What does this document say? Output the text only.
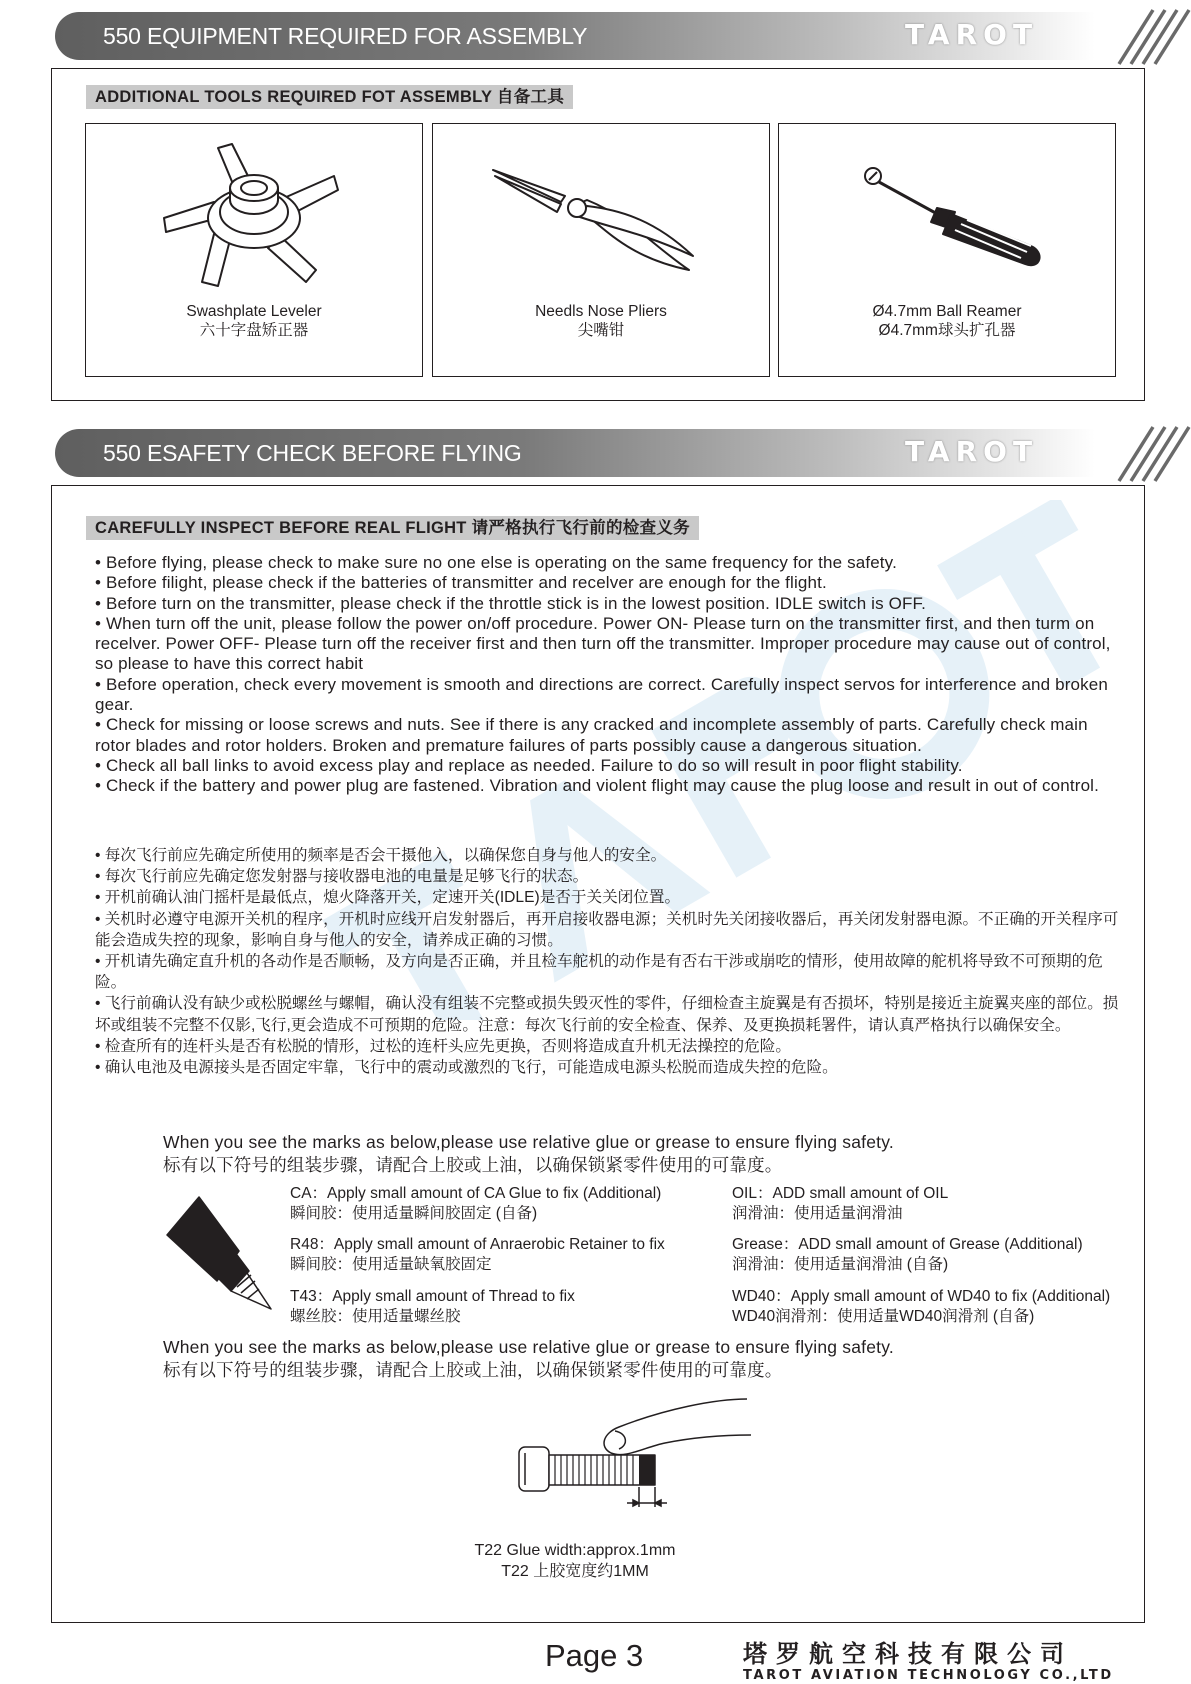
550 EQUIPMENT REQUIRED FOR ASSEMBLY	TAROT
ADDITIONAL TOOLS REQUIRED FOT ASSEMBLY 自备工具
Swashplate Leveler
六十字盘矫正器
Needls Nose Pliers
尖嘴钳
Ø4.7mm Ball Reamer
Ø4.7mm球头扩孔器
550 ESAFETY CHECK BEFORE FLYING	TAROT
CAREFULLY INSPECT BEFORE REAL FLIGHT 请严格执行飞行前的检查义务

• Before flying, please check to make sure no one else is operating on the same frequency for the safety.

• Before filight, please check if the batteries of transmitter and recelver are enough for the flight.

• Before turn on the transmitter, please check if the throttle stick is in the lowest position. IDLE switch is OFF.

• When turn off the unit, please follow the power on/off procedure. Power ON- Please turn on the transmitter first, and then turm on recelver. Power OFF- Please turn off the receiver first and then turn off the transmitter. Improper procedure may cause out of control, so please to have this correct habit

• Before operation, check every movement is smooth and directions are correct. Carefully inspect servos for interference and broken gear.

• Check for missing or loose screws and nuts. See if there is any cracked and incomplete assembly of parts. Carefully check main rotor blades and rotor holders. Broken and premature failures of parts possibly cause a dangerous situation.

• Check all ball links to avoid excess play and replace as needed. Failure to do so will result in poor flight stability.

• Check if the battery and power plug are fastened. Vibration and violent flight may cause the plug loose and result in out of control.

• 每次飞行前应先确定所使用的频率是否会干摄他入，以确保您自身与他人的安全。

• 每次飞行前应先确定您发射器与接收器电池的电量是足够飞行的状态。

• 开机前确认油门摇杆是最低点，熄火降落开关，定速开关(IDLE)是否于关关闭位置。

• 关机时必遵守电源开关机的程序，开机时应线开启发射器后，再开启接收器电源；关机时先关闭接收器后，再关闭发射器电源。不正确的开关程序可能会造成失控的现象，影响自身与他人的安全，请养成正确的习惯。

• 开机请先确定直升机的各动作是否顺畅，及方向是否正确，并且检车舵机的动作是有否右干涉或崩吃的情形，使用故障的舵机将导致不可预期的危险。

• 飞行前确认没有缺少或松脱螺丝与螺帽，确认没有组装不完整或损失毁灭性的零件，仔细检查主旋翼是有否损坏，特别是接近主旋翼夹座的部位。损坏或组装不完整不仅影,飞行,更会造成不可预期的危险。注意：每次飞行前的安全检查、保养、及更换损耗署件，请认真严格执行以确保安全。

• 检查所有的连杆头是否有松脱的情形，过松的连杆头应先更换，否则将造成直升机无法操控的危险。

• 确认电池及电源接头是否固定牢靠，飞行中的震动或激烈的飞行，可能造成电源头松脱而造成失控的危险。

When you see the marks as below,please use relative glue or grease to ensure flying safety.
标有以下符号的组装步骤，请配合上胶或上油，以确保锁紧零件使用的可靠度。
CA：Apply small amount of CA Glue to fix (Additional)
瞬间胶：使用适量瞬间胶固定 (自备)
R48：Apply small amount of Anraerobic Retainer to fix
瞬间胶：使用适量缺氧胶固定
T43：Apply small amount of Thread to fix
螺丝胶：使用适量螺丝胶
OIL：ADD small amount of OIL
润滑油：使用适量润滑油
Grease：ADD small amount of Grease (Additional)
润滑油：使用适量润滑油 (自备)
WD40：Apply small amount of WD40 to fix (Additional)
WD40润滑剂：使用适量WD40润滑剂 (自备)
When you see the marks as below,please use relative glue or grease to ensure flying safety.
标有以下符号的组装步骤，请配合上胶或上油，以确保锁紧零件使用的可靠度。
T22 Glue width:approx.1mm
T22 上胶宽度约1MM
Page 3	塔罗航空科技有限公司
TAROT AVIATION TECHNOLOGY CO.,LTD
